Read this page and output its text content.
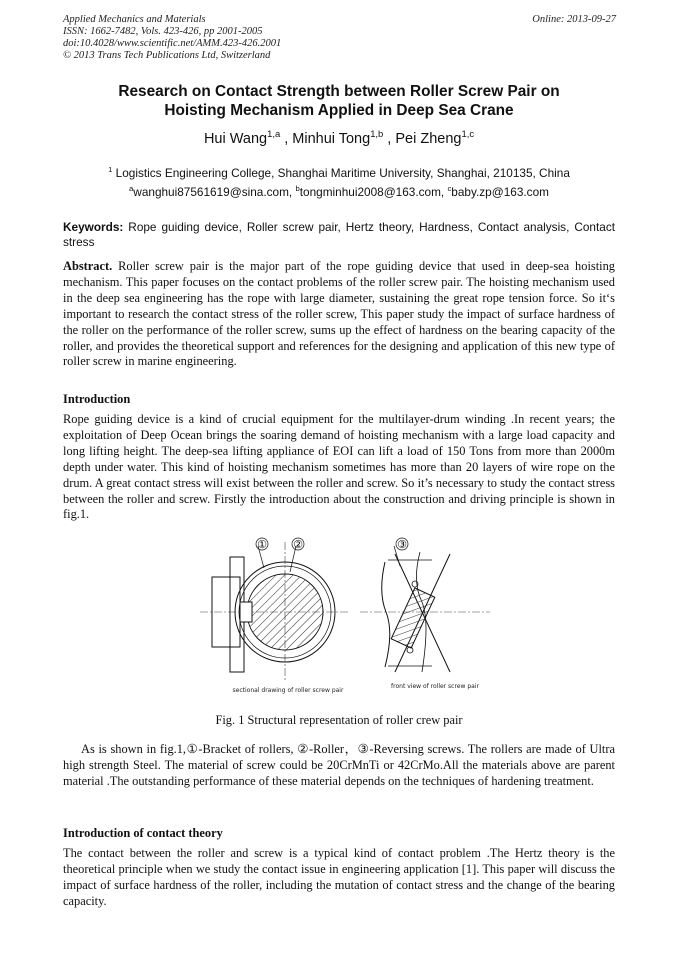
Applied Mechanics and Materials
ISSN: 1662-7482, Vols. 423-426, pp 2001-2005
doi:10.4028/www.scientific.net/AMM.423-426.2001
© 2013 Trans Tech Publications Ltd, Switzerland
Online: 2013-09-27
Research on Contact Strength between Roller Screw Pair on
Hoisting Mechanism Applied in Deep Sea Crane
Hui Wang$^{1,a}$ , Minhui Tong$^{1,b}$ , Pei Zheng$^{1,c}$
$^1$ Logistics Engineering College, Shanghai Maritime University, Shanghai, 210135, China
$^a$wanghui87561619@sina.com, $^b$tongminhui2008@163.com, $^c$baby.zp@163.com
Keywords: Rope guiding device, Roller screw pair, Hertz theory, Hardness, Contact analysis, Contact stress
Abstract. Roller screw pair is the major part of the rope guiding device that used in deep-sea hoisting mechanism. This paper focuses on the contact problems of the roller screw pair. The hoisting mechanism used in the deep sea engineering has the rope with large diameter, sustaining the great rope tension force. So it‘s important to research the contact stress of the roller screw, This paper study the impact of surface hardness of the roller on the performance of the roller screw, sums up the effect of hardness on the bearing capacity of the roller, and provides the theoretical support and references for the designing and application of this new type of roller screw in marine engineering.
Introduction
Rope guiding device is a kind of crucial equipment for the multilayer-drum winding .In recent years; the exploitation of Deep Ocean brings the soaring demand of hoisting mechanism with a large load capacity and long lifting height. The deep-sea lifting appliance of EOI can lift a load of 150 Tons from more than 2000m depth under water. This kind of hoisting mechanism sometimes has more than 20 layers of wire rope on the drum. A great contact stress will exist between the roller and screw. So it’s necessary to study the contact stress between the roller and screw. Firstly the introduction about the construction and driving principle is shown in fig.1.
① ②
sectional drawing of roller screw pair
③
front view of roller screw pair
Fig. 1 Structural representation of roller crew pair
As is shown in fig.1,①-Bracket of rollers, ②-Roller，③-Reversing screws. The rollers are made of Ultra high strength Steel. The material of screw could be 20CrMnTi or 42CrMo.All the materials above are parent material .The outstanding performance of these material depends on the techniques of hardening treatment.
Introduction of contact theory
The contact between the roller and screw is a typical kind of contact problem .The Hertz theory is the theoretical principle when we study the contact issue in engineering application [1]. This paper will discuss the impact of surface hardness of the roller, including the mutation of contact stress and the change of the bearing capacity.
